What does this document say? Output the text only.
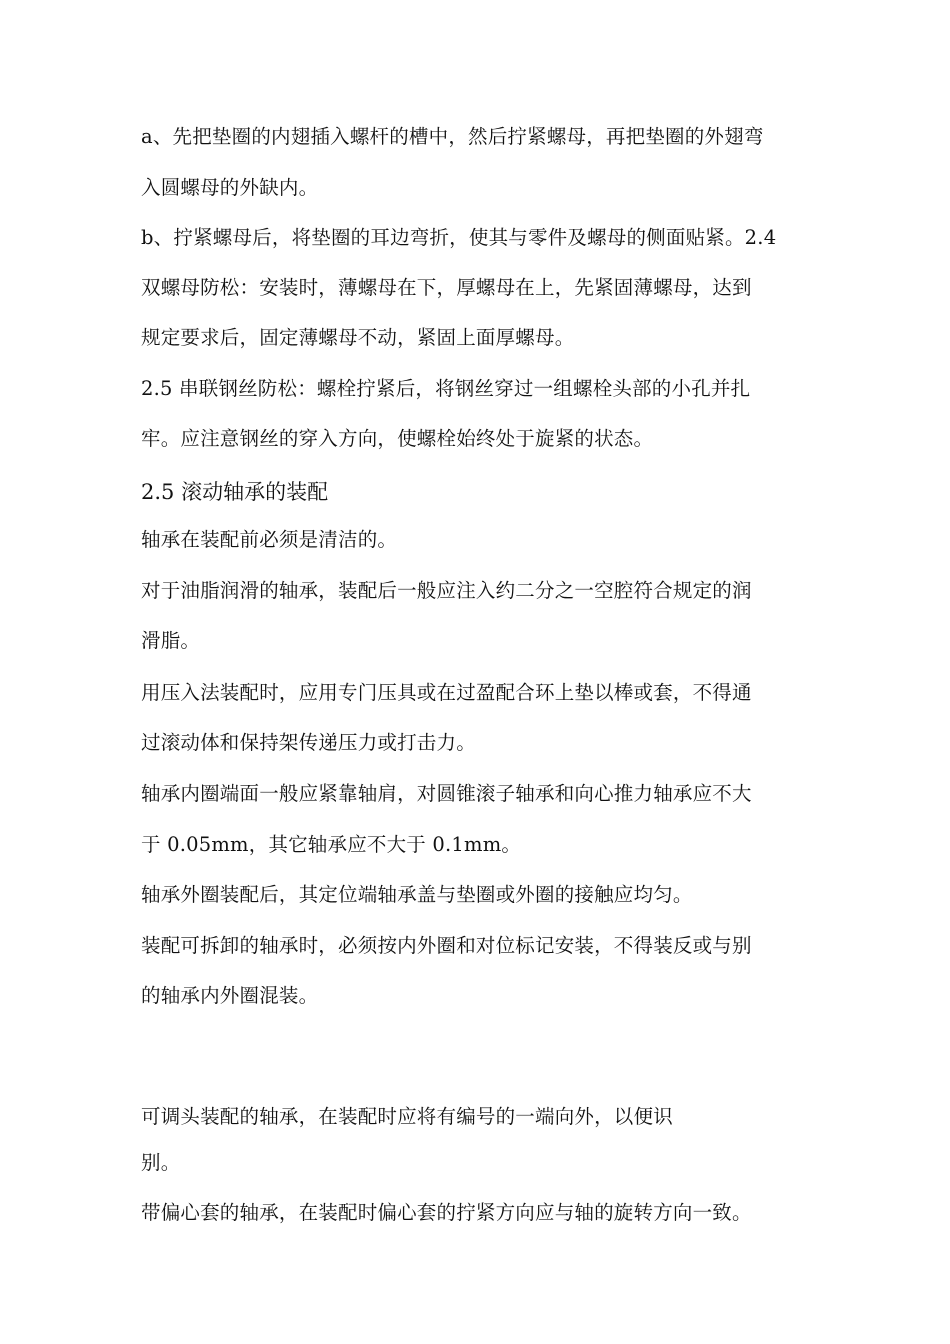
a、先把垫圈的内翅插入螺杆的槽中，然后拧紧螺母，再把垫圈的外翅弯
入圆螺母的外缺内。
b、拧紧螺母后，将垫圈的耳边弯折，使其与零件及螺母的侧面贴紧。2.4
双螺母防松：安装时，薄螺母在下，厚螺母在上，先紧固薄螺母，达到
规定要求后，固定薄螺母不动，紧固上面厚螺母。
2.5 串联钢丝防松：螺栓拧紧后，将钢丝穿过一组螺栓头部的小孔并扎
牢。应注意钢丝的穿入方向，使螺栓始终处于旋紧的状态。
2.5 滚动轴承的装配
轴承在装配前必须是清洁的。
对于油脂润滑的轴承，装配后一般应注入约二分之一空腔符合规定的润
滑脂。
用压入法装配时，应用专门压具或在过盈配合环上垫以棒或套，不得通
过滚动体和保持架传递压力或打击力。
轴承内圈端面一般应紧靠轴肩，对圆锥滚子轴承和向心推力轴承应不大
于 0.05mm，其它轴承应不大于 0.1mm。
轴承外圈装配后，其定位端轴承盖与垫圈或外圈的接触应均匀。
装配可拆卸的轴承时，必须按内外圈和对位标记安装，不得装反或与别
的轴承内外圈混装。
可调头装配的轴承，在装配时应将有编号的一端向外，以便识
别。
带偏心套的轴承，在装配时偏心套的拧紧方向应与轴的旋转方向一致。
